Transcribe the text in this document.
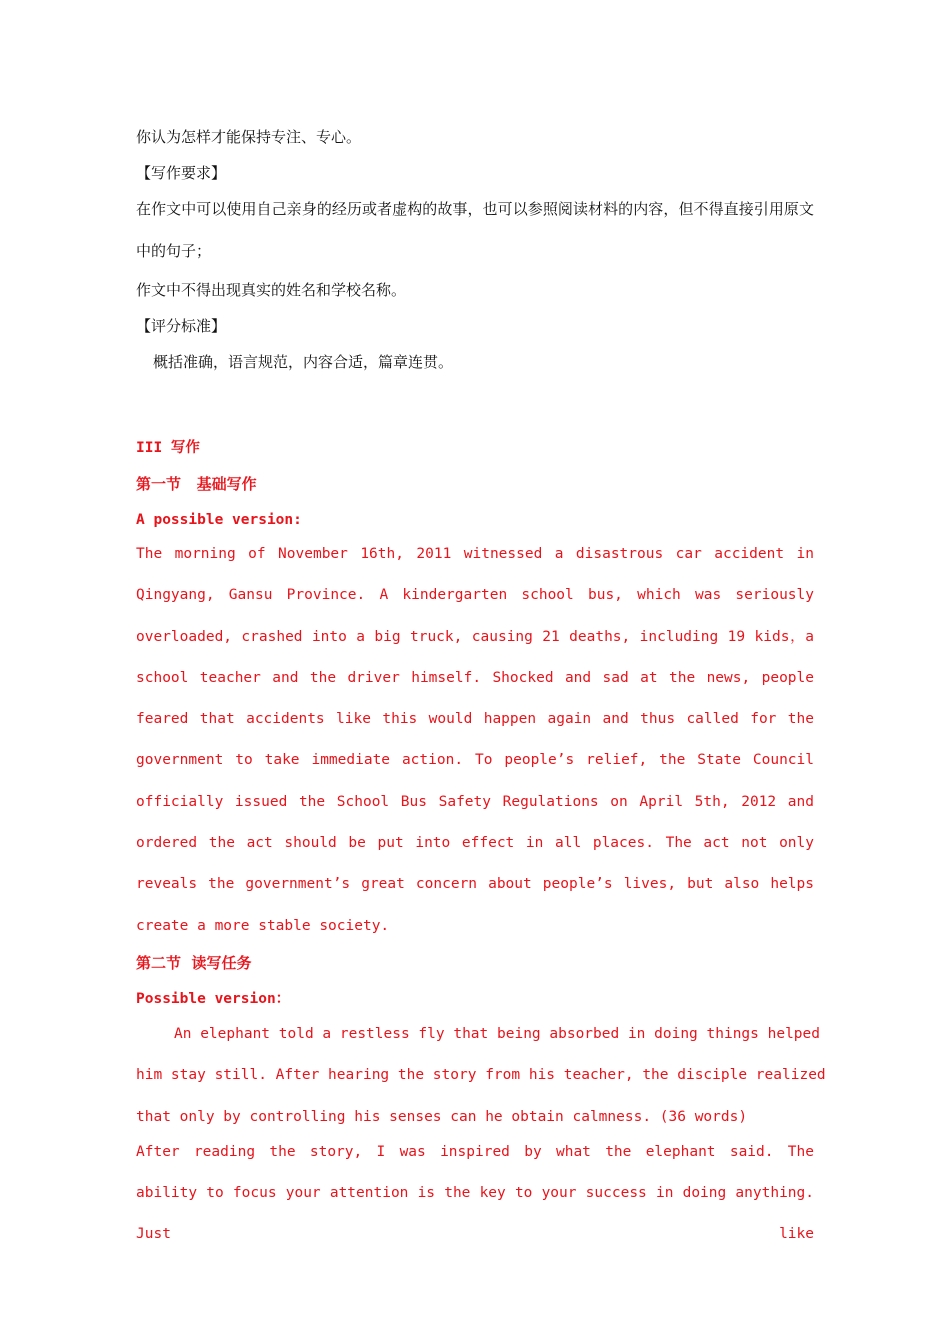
你认为怎样才能保持专注、专心。

【写作要求】

在作文中可以使用自己亲身的经历或者虚构的故事，也可以参照阅读材料的内容，但不得直接引用原文中的句子；

作文中不得出现真实的姓名和学校名称。

【评分标准】

概括准确，语言规范，内容合适，篇章连贯。

III 写作

第一节   基础写作

A possible version:

The morning of November 16th, 2011 witnessed a disastrous car accident in Qingyang, Gansu Province. A kindergarten school bus, which was seriously overloaded, crashed into a big truck, causing 21 deaths, including 19 kids，a school teacher and the driver himself. Shocked and sad at the news, people feared that accidents like this would happen again and thus called for the government to take immediate action. To people’s relief, the State Council officially issued the School Bus Safety Regulations on April 5th, 2012 and ordered the act should be put into effect in all places. The act not only reveals the government’s great concern about people’s lives, but also helps create a more stable society.

第二节  读写任务

Possible version：

An elephant told a restless fly that being absorbed in doing things helped

him stay still. After hearing the story from his teacher, the disciple realized

that only by controlling his senses can he obtain calmness. (36 words)

After reading the story, I was inspired by what the elephant said. The ability to focus your attention is the key to your success in doing anything. Just like
